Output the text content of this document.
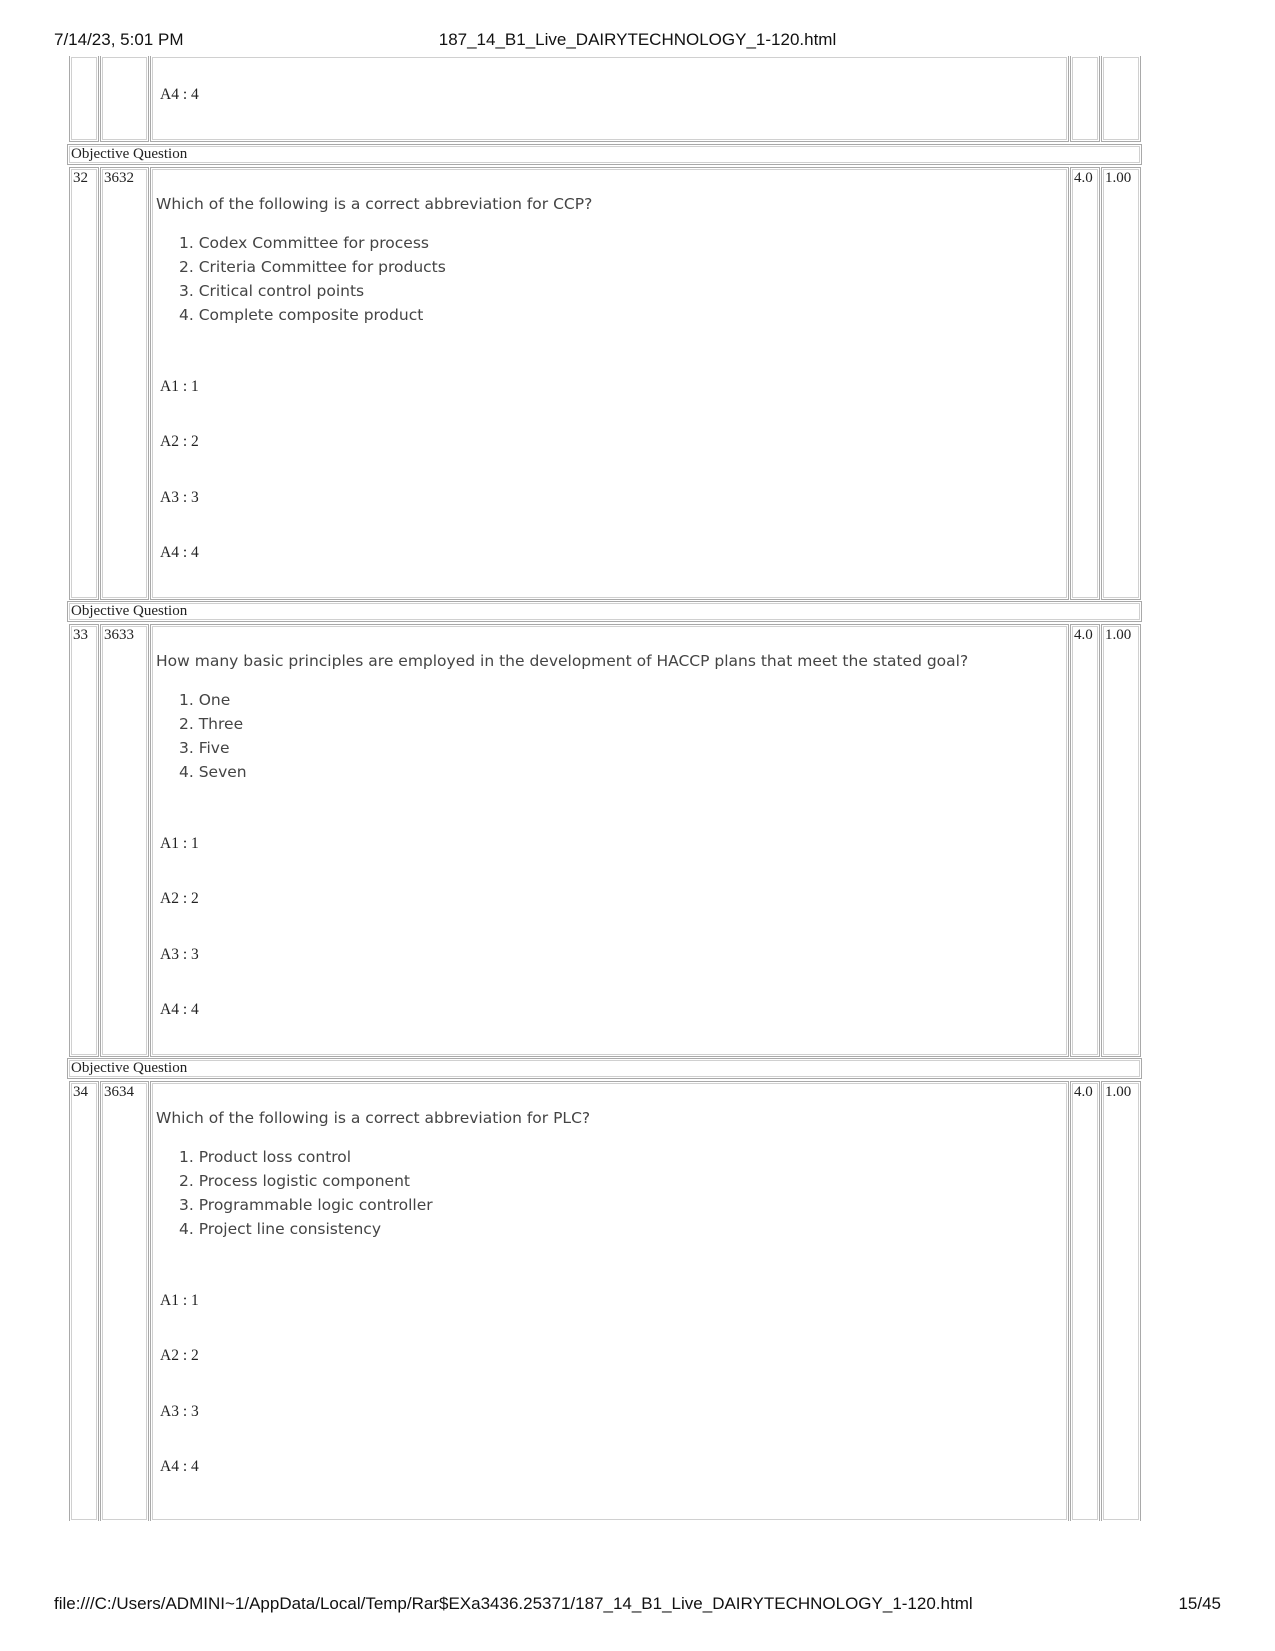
7/14/23, 5:01 PM	187_14_B1_Live_DAIRYTECHNOLOGY_1-120.html
A4 : 4
Objective Question
32 3632
Which of the following is a correct abbreviation for CCP?
1. Codex Committee for process
2. Criteria Committee for products
3. Critical control points
4. Complete composite product
A1 : 1
A2 : 2
A3 : 3
A4 : 4
4.0 1.00
Objective Question
33 3633
How many basic principles are employed in the development of HACCP plans that meet the stated goal?
1. One
2. Three
3. Five
4. Seven
A1 : 1
A2 : 2
A3 : 3
A4 : 4
4.0 1.00
Objective Question
34 3634
Which of the following is a correct abbreviation for PLC?
1. Product loss control
2. Process logistic component
3. Programmable logic controller
4. Project line consistency
A1 : 1
A2 : 2
A3 : 3
A4 : 4
4.0 1.00
file:///C:/Users/ADMINI~1/AppData/Local/Temp/Rar$EXa3436.25371/187_14_B1_Live_DAIRYTECHNOLOGY_1-120.html	15/45
